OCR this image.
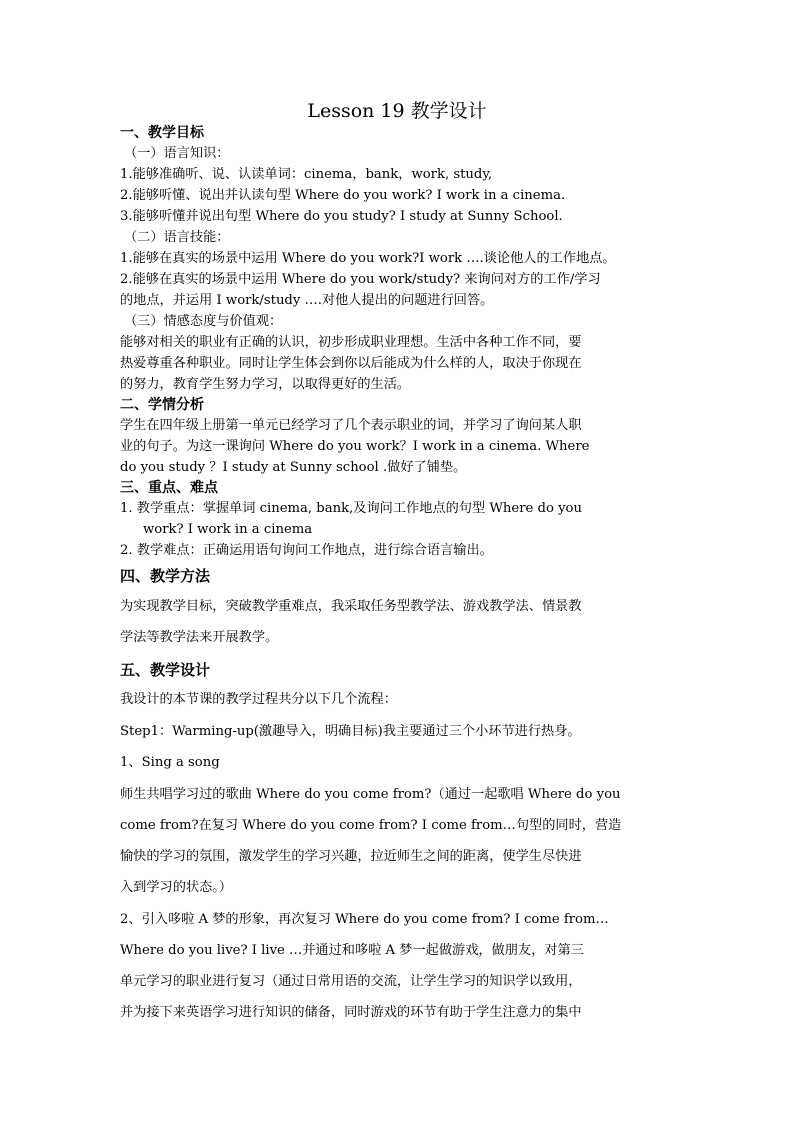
Lesson 19 教学设计
一、教学目标
（一）语言知识：
1.能够准确听、说、认读单词：cinema，bank，work, study,
2.能够听懂、说出并认读句型 Where do you work? I work in a cinema.
3.能够听懂并说出句型 Where do you study? I study at Sunny School.
（二）语言技能：
1.能够在真实的场景中运用 Where do you work?I work ….谈论他人的工作地点。
2.能够在真实的场景中运用 Where do you work/study? 来询问对方的工作/学习
的地点，并运用 I work/study ….对他人提出的问题进行回答。
（三）情感态度与价值观：
能够对相关的职业有正确的认识，初步形成职业理想。生活中各种工作不同，要
热爱尊重各种职业。同时让学生体会到你以后能成为什么样的人，取决于你现在
的努力，教育学生努力学习，以取得更好的生活。
二、学情分析
学生在四年级上册第一单元已经学习了几个表示职业的词，并学习了询问某人职
业的句子。为这一课询问 Where do you work？I work in a cinema. Where
do you study ？I study at Sunny school .做好了铺垫。
三、重点、难点
1. 教学重点：掌握单词 cinema, bank,及询问工作地点的句型 Where do you
work? I work in a cinema
2. 教学难点：正确运用语句询问工作地点，进行综合语言输出。
四、教学方法
为实现教学目标，突破教学重难点，我采取任务型教学法、游戏教学法、情景教
学法等教学法来开展教学。
五、教学设计
我设计的本节课的教学过程共分以下几个流程：
Step1：Warming-up(激趣导入，明确目标)我主要通过三个小环节进行热身。
1、Sing a song
师生共唱学习过的歌曲 Where do you come from?（通过一起歌唱 Where do you
come from?在复习 Where do you come from? I come from…句型的同时，营造
愉快的学习的氛围，激发学生的学习兴趣，拉近师生之间的距离，使学生尽快进
入到学习的状态。）
2、引入哆啦 A 梦的形象，再次复习 Where do you come from? I come from…
Where do you live? I live …并通过和哆啦 A 梦一起做游戏，做朋友，对第三
单元学习的职业进行复习（通过日常用语的交流，让学生学习的知识学以致用，
并为接下来英语学习进行知识的储备，同时游戏的环节有助于学生注意力的集中
